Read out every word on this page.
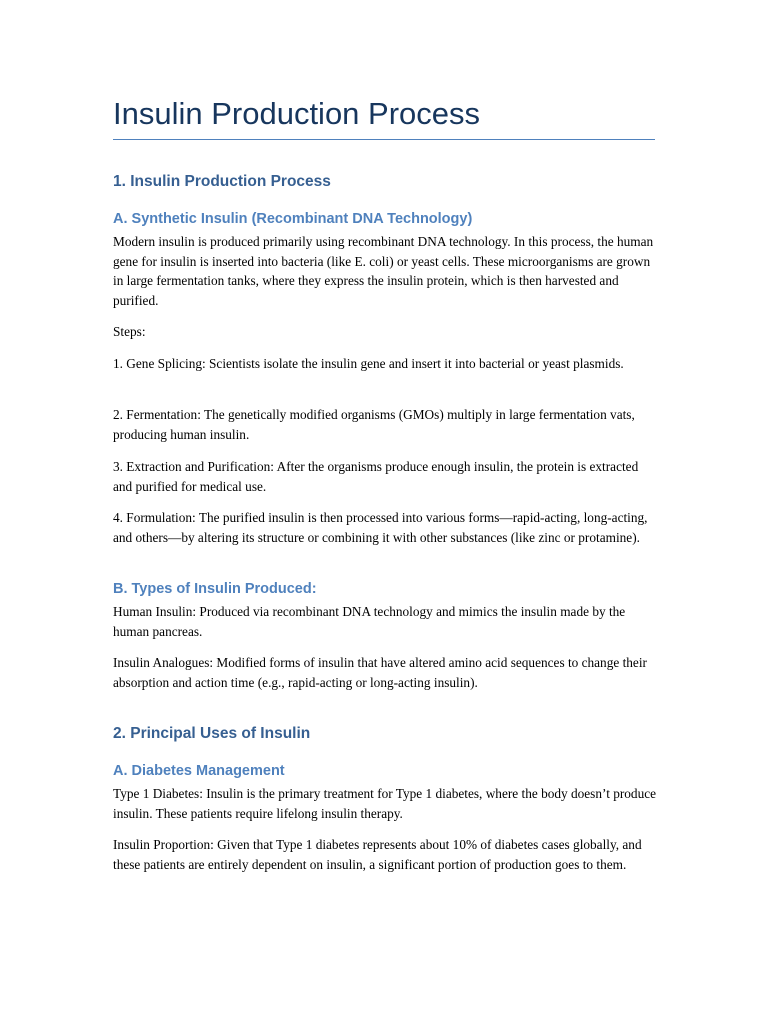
Insulin Production Process
1. Insulin Production Process
A. Synthetic Insulin (Recombinant DNA Technology)

Modern insulin is produced primarily using recombinant DNA technology. In this process, the human gene for insulin is inserted into bacteria (like E. coli) or yeast cells. These microorganisms are grown in large fermentation tanks, where they express the insulin protein, which is then harvested and purified.

Steps:

1. Gene Splicing: Scientists isolate the insulin gene and insert it into bacterial or yeast plasmids.

2. Fermentation: The genetically modified organisms (GMOs) multiply in large fermentation vats, producing human insulin.

3. Extraction and Purification: After the organisms produce enough insulin, the protein is extracted and purified for medical use.

4. Formulation: The purified insulin is then processed into various forms—rapid-acting, long-acting, and others—by altering its structure or combining it with other substances (like zinc or protamine).

B. Types of Insulin Produced:

Human Insulin: Produced via recombinant DNA technology and mimics the insulin made by the human pancreas.

Insulin Analogues: Modified forms of insulin that have altered amino acid sequences to change their absorption and action time (e.g., rapid-acting or long-acting insulin).

2. Principal Uses of Insulin
A. Diabetes Management

Type 1 Diabetes: Insulin is the primary treatment for Type 1 diabetes, where the body doesn’t produce insulin. These patients require lifelong insulin therapy.

Insulin Proportion: Given that Type 1 diabetes represents about 10% of diabetes cases globally, and these patients are entirely dependent on insulin, a significant portion of production goes to them.
